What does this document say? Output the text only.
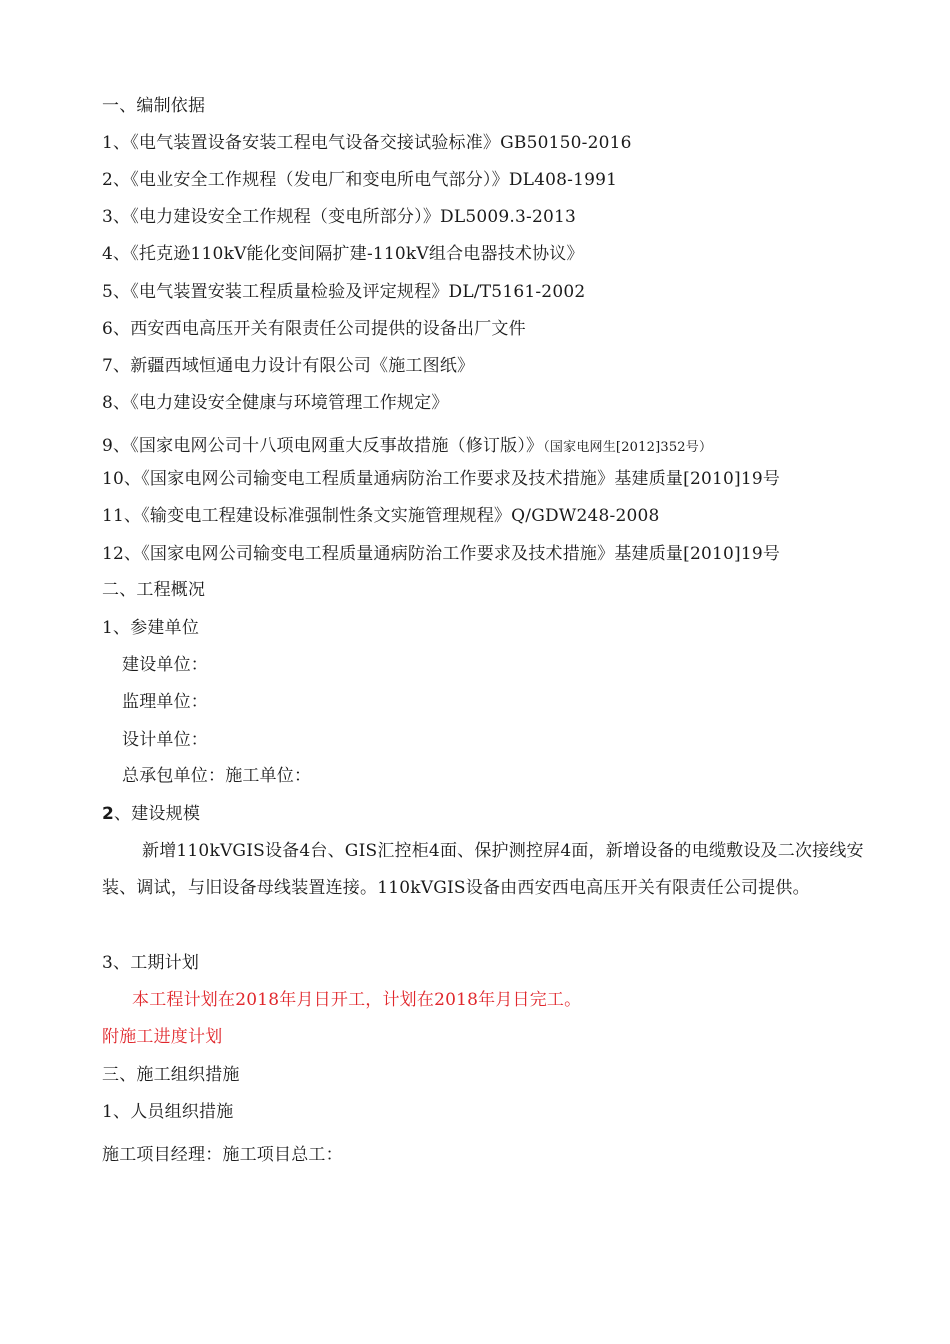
一、编制依据
1、《电气装置设备安装工程电气设备交接试验标准》GB50150-2016
2、《电业安全工作规程（发电厂和变电所电气部分）》DL408-1991
3、《电力建设安全工作规程（变电所部分）》DL5009.3-2013
4、《托克逊110kV能化变间隔扩建-110kV组合电器技术协议》
5、《电气装置安装工程质量检验及评定规程》DL/T5161-2002
6、西安西电高压开关有限责任公司提供的设备出厂文件
7、新疆西域恒通电力设计有限公司《施工图纸》
8、《电力建设安全健康与环境管理工作规定》
9、《国家电网公司十八项电网重大反事故措施（修订版）》（国家电网生[2012]352号）
10、《国家电网公司输变电工程质量通病防治工作要求及技术措施》基建质量[2010]19号
11、《输变电工程建设标准强制性条文实施管理规程》Q/GDW248-2008
12、《国家电网公司输变电工程质量通病防治工作要求及技术措施》基建质量[2010]19号
二、工程概况
1、参建单位
建设单位：
监理单位：
设计单位：
总承包单位：施工单位：
2、建设规模
新增110kVGIS设备4台、GIS汇控柜4面、保护测控屏4面，新增设备的电缆敷设及二次接线安装、调试，与旧设备母线装置连接。110kVGIS设备由西安西电高压开关有限责任公司提供。
3、工期计划
本工程计划在2018年月日开工，计划在2018年月日完工。
附施工进度计划
三、施工组织措施
1、人员组织措施
施工项目经理：施工项目总工：
